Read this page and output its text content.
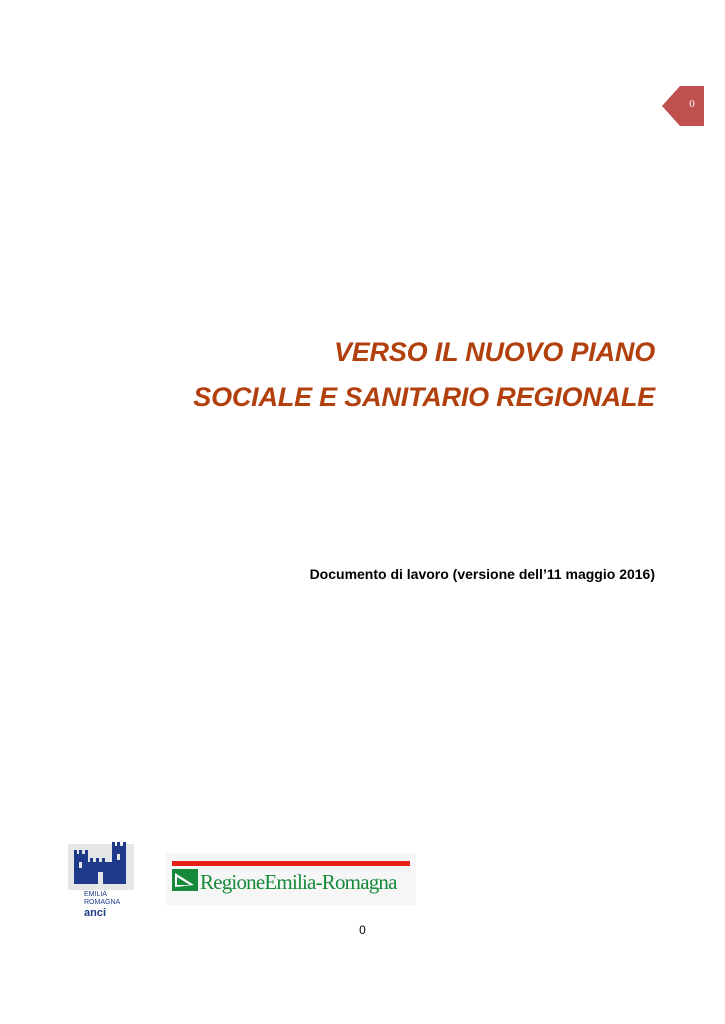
0
VERSO IL NUOVO PIANO
SOCIALE E SANITARIO REGIONALE
Documento di lavoro (versione dell’11 maggio 2016)
EMILIA
ROMAGNA
anci
RegioneEmilia-Romagna
0
